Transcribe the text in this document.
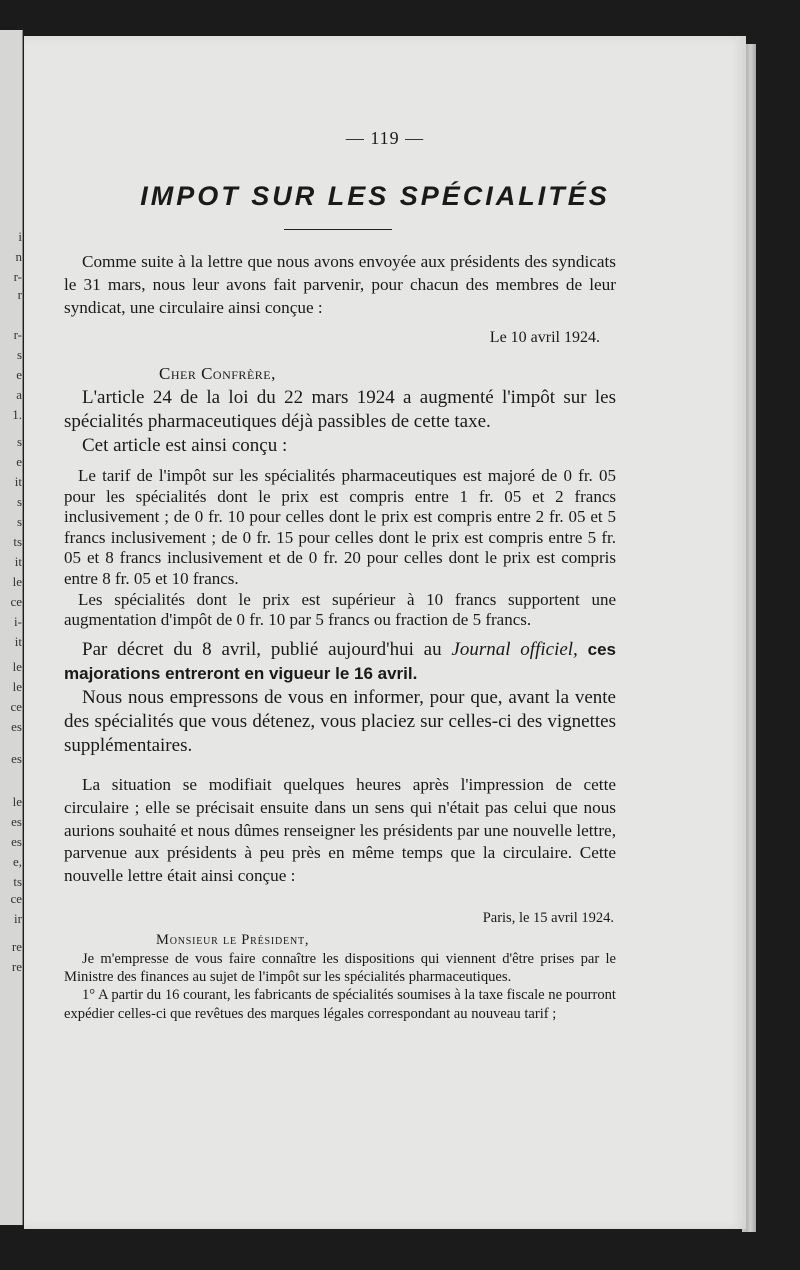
i
n
r-
r
r-
s
e
a
1.
s
e
it
s
s
ts
it
le
ce
i-
it
le
le
ce
es
es
le
es
es
e,
ts
ce
ir
re
re
— 119 —
IMPOT SUR LES SPÉCIALITÉS

Comme suite à la lettre que nous avons envoyée aux présidents des syndicats le 31 mars, nous leur avons fait parvenir, pour chacun des membres de leur syndicat, une circulaire ainsi conçue :

Le 10 avril 1924.
Cher Confrère,

L'article 24 de la loi du 22 mars 1924 a augmenté l'impôt sur les spécialités pharmaceutiques déjà passibles de cette taxe.

Cet article est ainsi conçu :

Le tarif de l'impôt sur les spécialités pharmaceutiques est majoré de 0 fr. 05 pour les spécialités dont le prix est compris entre 1 fr. 05 et 2 francs inclusivement ; de 0 fr. 10 pour celles dont le prix est compris entre 2 fr. 05 et 5 francs inclusivement ; de 0 fr. 15 pour celles dont le prix est compris entre 5 fr. 05 et 8 francs inclusivement et de 0 fr. 20 pour celles dont le prix est compris entre 8 fr. 05 et 10 francs.

Les spécialités dont le prix est supérieur à 10 francs supportent une augmentation d'impôt de 0 fr. 10 par 5 francs ou fraction de 5 francs.

Par décret du 8 avril, publié aujourd'hui au Journal officiel, ces majorations entreront en vigueur le 16 avril.

Nous nous empressons de vous en informer, pour que, avant la vente des spécialités que vous détenez, vous placiez sur celles-ci des vignettes supplémentaires.

La situation se modifiait quelques heures après l'impression de cette circulaire ; elle se précisait ensuite dans un sens qui n'était pas celui que nous aurions souhaité et nous dûmes renseigner les présidents par une nouvelle lettre, parvenue aux présidents à peu près en même temps que la circulaire. Cette nouvelle lettre était ainsi conçue :

Paris, le 15 avril 1924.
Monsieur le Président,

Je m'empresse de vous faire connaître les dispositions qui viennent d'être prises par le Ministre des finances au sujet de l'impôt sur les spécialités pharmaceutiques.

1° A partir du 16 courant, les fabricants de spécialités soumises à la taxe fiscale ne pourront expédier celles-ci que revêtues des marques légales correspondant au nouveau tarif ;
